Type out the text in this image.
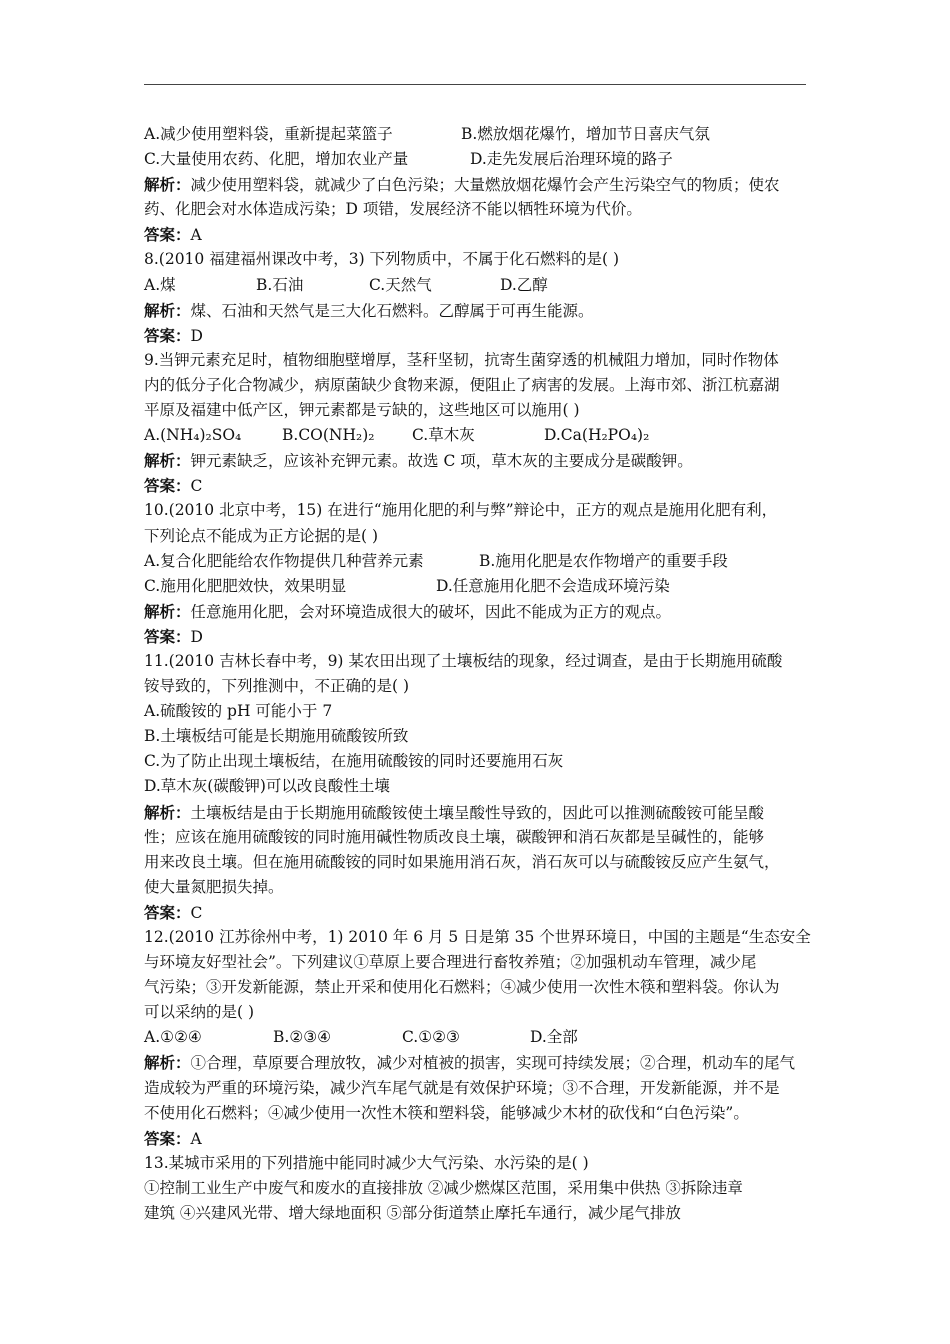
A.减少使用塑料袋，重新提起菜篮子	B.燃放烟花爆竹，增加节日喜庆气氛
C.大量使用农药、化肥，增加农业产量	D.走先发展后治理环境的路子
解析：减少使用塑料袋，就减少了白色污染；大量燃放烟花爆竹会产生污染空气的物质；使农
药、化肥会对水体造成污染；D 项错，发展经济不能以牺牲环境为代价。
答案：A
8.(2010 福建福州课改中考，3) 下列物质中，不属于化石燃料的是( )
A.煤	B.石油	C.天然气	D.乙醇
解析：煤、石油和天然气是三大化石燃料。乙醇属于可再生能源。
答案：D
9.当钾元素充足时，植物细胞壁增厚，茎秆坚韧，抗寄生菌穿透的机械阻力增加，同时作物体
内的低分子化合物减少，病原菌缺少食物来源，便阻止了病害的发展。上海市郊、浙江杭嘉湖
平原及福建中低产区，钾元素都是亏缺的，这些地区可以施用( )
A.(NH₄)₂SO₄	B.CO(NH₂)₂ C.草木灰	D.Ca(H₂PO₄)₂
解析：钾元素缺乏，应该补充钾元素。故选 C 项，草木灰的主要成分是碳酸钾。
答案：C
10.(2010 北京中考，15) 在进行“施用化肥的利与弊”辩论中，正方的观点是施用化肥有利，
下列论点不能成为正方论据的是( )
A.复合化肥能给农作物提供几种营养元素	B.施用化肥是农作物增产的重要手段
C.施用化肥肥效快，效果明显	D.任意施用化肥不会造成环境污染
解析：任意施用化肥，会对环境造成很大的破坏，因此不能成为正方的观点。
答案：D
11.(2010 吉林长春中考，9) 某农田出现了土壤板结的现象，经过调查，是由于长期施用硫酸
铵导致的，下列推测中，不正确的是( )
A.硫酸铵的 pH 可能小于 7
B.土壤板结可能是长期施用硫酸铵所致
C.为了防止出现土壤板结，在施用硫酸铵的同时还要施用石灰
D.草木灰(碳酸钾)可以改良酸性土壤
解析：土壤板结是由于长期施用硫酸铵使土壤呈酸性导致的，因此可以推测硫酸铵可能呈酸
性；应该在施用硫酸铵的同时施用碱性物质改良土壤，碳酸钾和消石灰都是呈碱性的，能够
用来改良土壤。但在施用硫酸铵的同时如果施用消石灰，消石灰可以与硫酸铵反应产生氨气，
使大量氮肥损失掉。
答案：C
12.(2010 江苏徐州中考，1) 2010 年 6 月 5 日是第 35 个世界环境日，中国的主题是“生态安全
与环境友好型社会”。下列建议①草原上要合理进行畜牧养殖；②加强机动车管理，减少尾
气污染；③开发新能源，禁止开采和使用化石燃料；④减少使用一次性木筷和塑料袋。你认为
可以采纳的是( )
A.①②④	B.②③④	C.①②③	D.全部
解析：①合理，草原要合理放牧，减少对植被的损害，实现可持续发展；②合理，机动车的尾气
造成较为严重的环境污染，减少汽车尾气就是有效保护环境；③不合理，开发新能源，并不是
不使用化石燃料；④减少使用一次性木筷和塑料袋，能够减少木材的砍伐和“白色污染”。
答案：A
13.某城市采用的下列措施中能同时减少大气污染、水污染的是( )
①控制工业生产中废气和废水的直接排放 ②减少燃煤区范围，采用集中供热 ③拆除违章
建筑 ④兴建风光带、增大绿地面积 ⑤部分街道禁止摩托车通行，减少尾气排放
